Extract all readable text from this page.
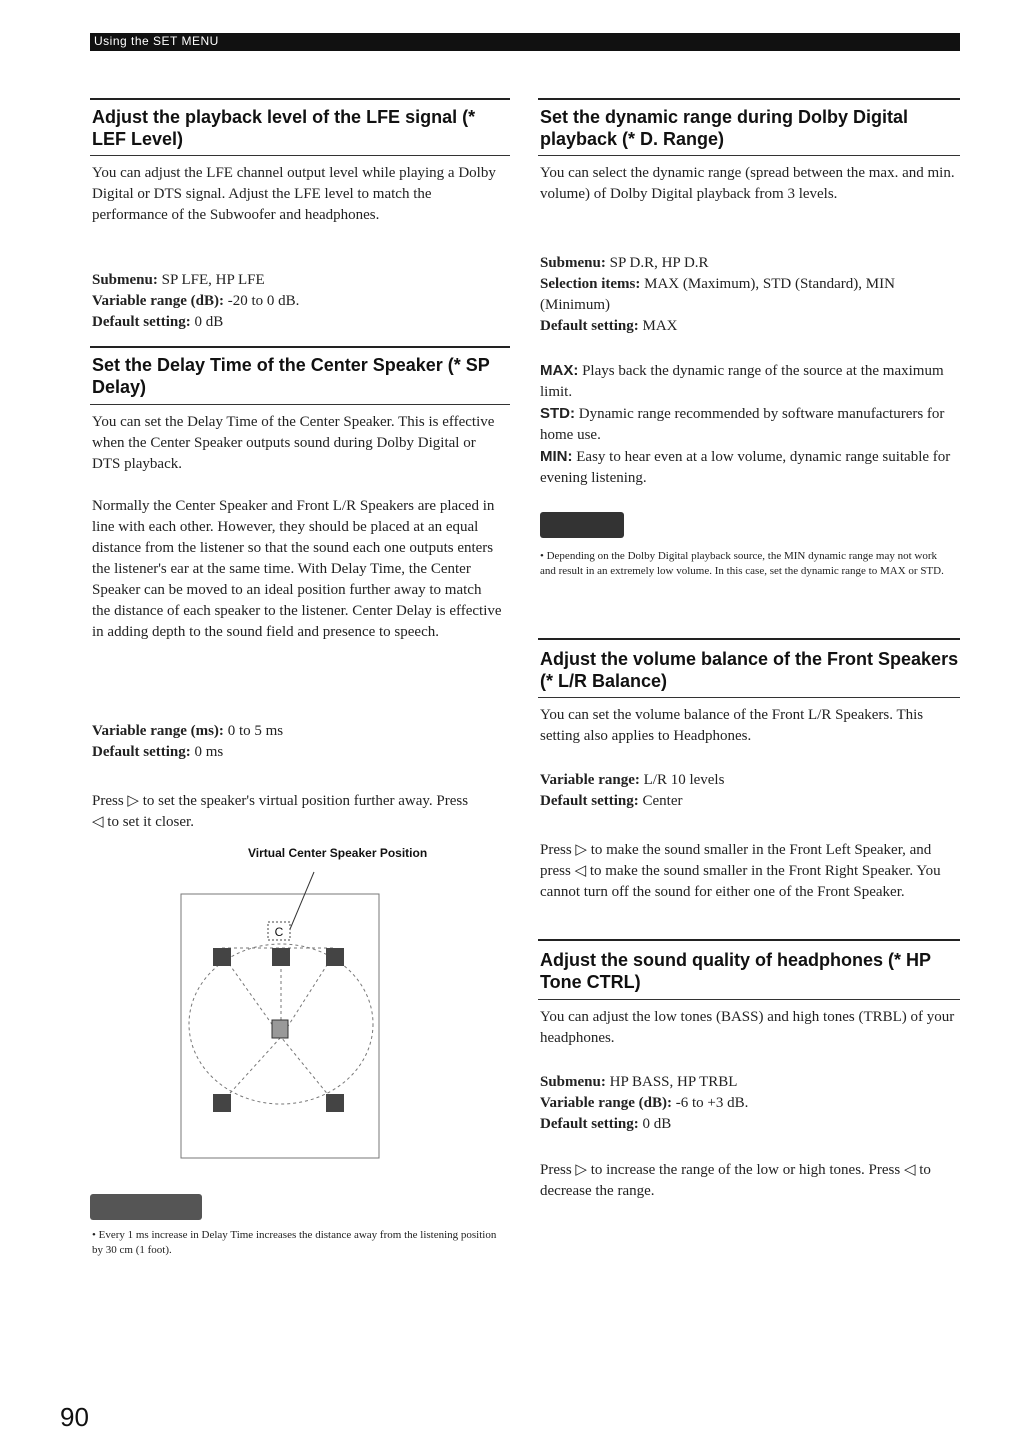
Using the SET MENU
Adjust the playback level of the LFE signal (* LEF Level)

You can adjust the LFE channel output level while playing a Dolby Digital or DTS signal. Adjust the LFE level to match the performance of the Subwoofer and headphones.

Submenu: SP LFE, HP LFE
Variable range (dB): -20 to 0 dB.
Default setting: 0 dB
Set the Delay Time of the Center Speaker (* SP Delay)

You can set the Delay Time of the Center Speaker. This is effective when the Center Speaker outputs sound during Dolby Digital or DTS playback.

Normally the Center Speaker and Front L/R Speakers are placed in line with each other. However, they should be placed at an equal distance from the listener so that the sound each one outputs enters the listener's ear at the same time. With Delay Time, the Center Speaker can be moved to an ideal position further away to match the distance of each speaker to the listener. Center Delay is effective in adding depth to the sound field and presence to speech.

Variable range (ms): 0 to 5 ms
Default setting: 0 ms
Press ▷ to set the speaker's virtual position further away. Press ◁ to set it closer.
Virtual Center Speaker Position
C
• Every 1 ms increase in Delay Time increases the distance away from the listening position by 30 cm (1 foot).
90
Set the dynamic range during Dolby Digital playback (* D. Range)
You can select the dynamic range (spread between the max. and min. volume) of Dolby Digital playback from 3 levels.
Submenu: SP D.R, HP D.R
Selection items: MAX (Maximum), STD (Standard), MIN (Minimum)
Default setting: MAX

MAX: Plays back the dynamic range of the source at the maximum limit.

STD: Dynamic range recommended by software manufacturers for home use.

MIN: Easy to hear even at a low volume, dynamic range suitable for evening listening.

• Depending on the Dolby Digital playback source, the MIN dynamic range may not work and result in an extremely low volume. In this case, set the dynamic range to MAX or STD.
Adjust the volume balance of the Front Speakers (* L/R Balance)
You can set the volume balance of the Front L/R Speakers. This setting also applies to Headphones.
Variable range: L/R 10 levels
Default setting: Center
Press ▷ to make the sound smaller in the Front Left Speaker, and press ◁ to make the sound smaller in the Front Right Speaker. You cannot turn off the sound for either one of the Front Speaker.
Adjust the sound quality of headphones (* HP Tone CTRL)
You can adjust the low tones (BASS) and high tones (TRBL) of your headphones.
Submenu: HP BASS, HP TRBL
Variable range (dB): -6 to +3 dB.
Default setting: 0 dB
Press ▷ to increase the range of the low or high tones. Press ◁ to decrease the range.
